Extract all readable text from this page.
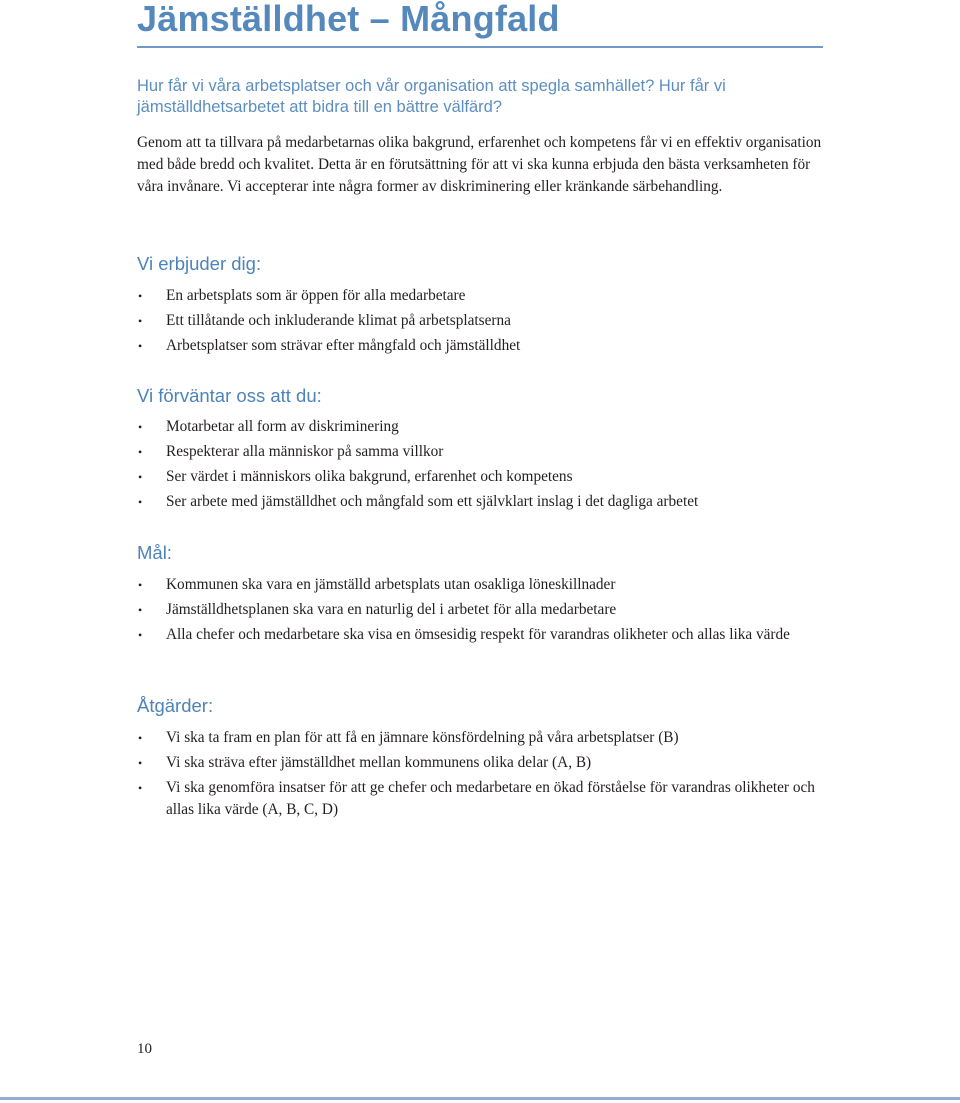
Jämställdhet – Mångfald

Hur får vi våra arbetsplatser och vår organisation att spegla samhället? Hur får vi jämställdhetsarbetet att bidra till en bättre välfärd?

Genom att ta tillvara på medarbetarnas olika bakgrund, erfarenhet och kompetens får vi en effektiv organisation med både bredd och kvalitet. Detta är en förutsättning för att vi ska kunna erbjuda den bästa verksamheten för våra invånare. Vi accepterar inte några former av diskriminering eller kränkande särbehandling.

Vi erbjuder dig:
• En arbetsplats som är öppen för alla medarbetare
• Ett tillåtande och inkluderande klimat på arbetsplatserna
• Arbetsplatser som strävar efter mångfald och jämställdhet
Vi förväntar oss att du:
• Motarbetar all form av diskriminering
• Respekterar alla människor på samma villkor
• Ser värdet i människors olika bakgrund, erfarenhet och kompetens
• Ser arbete med jämställdhet och mångfald som ett självklart inslag i det dagliga arbetet
Mål:
• Kommunen ska vara en jämställd arbetsplats utan osakliga löneskillnader
• Jämställdhetsplanen ska vara en naturlig del i arbetet för alla medarbetare
• Alla chefer och medarbetare ska visa en ömsesidig respekt för varandras olikheter och allas lika värde
Åtgärder:
• Vi ska ta fram en plan för att få en jämnare könsfördelning på våra arbetsplatser (B)
• Vi ska sträva efter jämställdhet mellan kommunens olika delar (A, B)
• Vi ska genomföra insatser för att ge chefer och medarbetare en ökad förståelse för varandras olikheter och allas lika värde (A, B, C, D)
10
